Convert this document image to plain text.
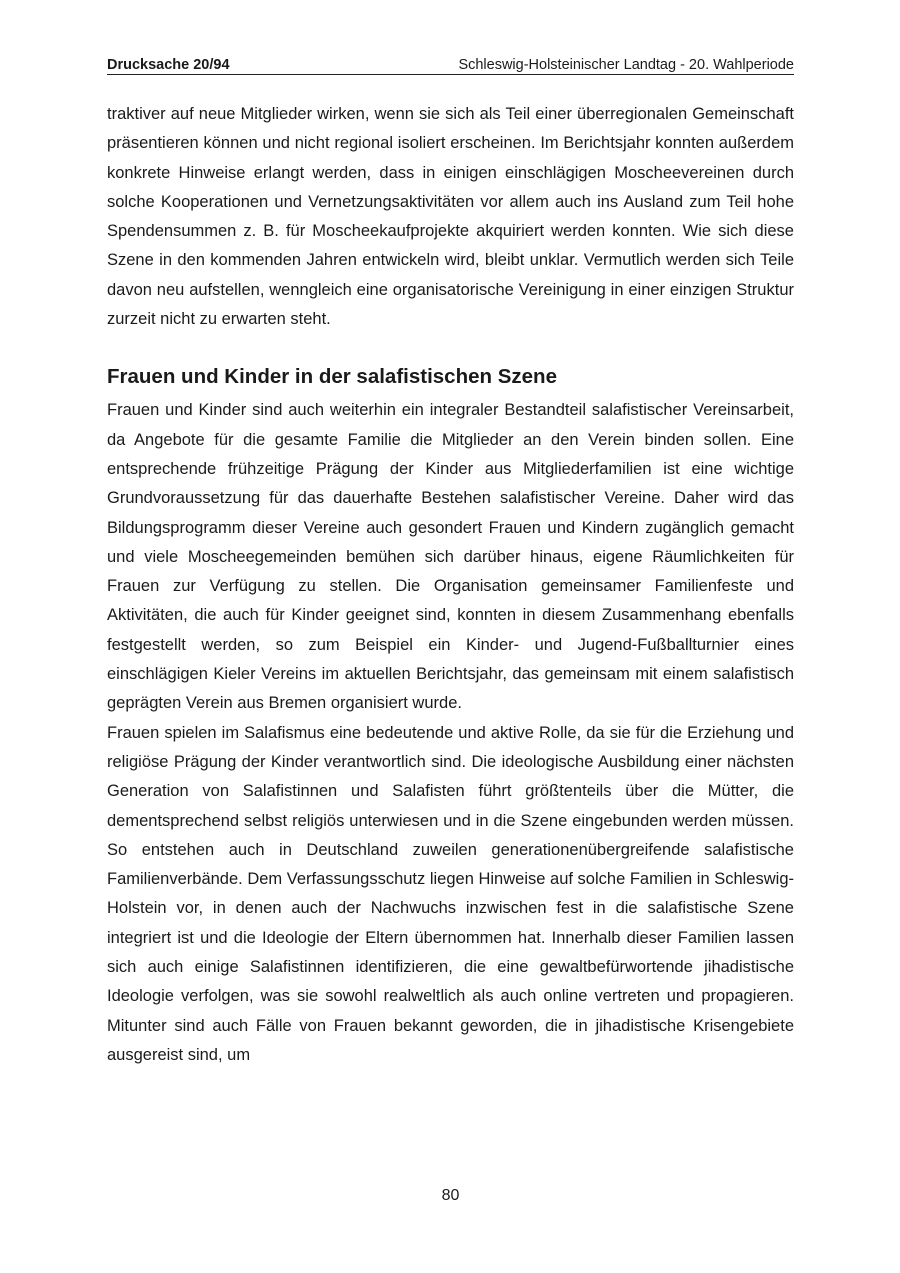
Drucksache 20/94	Schleswig-Holsteinischer Landtag - 20. Wahlperiode

traktiver auf neue Mitglieder wirken, wenn sie sich als Teil einer überregionalen Gemeinschaft präsentieren können und nicht regional isoliert erscheinen. Im Berichtsjahr konnten außerdem konkrete Hinweise erlangt werden, dass in einigen einschlägigen Moscheevereinen durch solche Kooperationen und Vernetzungsaktivitäten vor allem auch ins Ausland zum Teil hohe Spendensummen z. B. für Moscheekaufprojekte akquiriert werden konnten. Wie sich diese Szene in den kommenden Jahren entwickeln wird, bleibt unklar. Vermutlich werden sich Teile davon neu aufstellen, wenngleich eine organisatorische Vereinigung in einer einzigen Struktur zurzeit nicht zu erwarten steht.

Frauen und Kinder in der salafistischen Szene

Frauen und Kinder sind auch weiterhin ein integraler Bestandteil salafistischer Vereinsarbeit, da Angebote für die gesamte Familie die Mitglieder an den Verein binden sollen. Eine entsprechende frühzeitige Prägung der Kinder aus Mitgliederfamilien ist eine wichtige Grundvoraussetzung für das dauerhafte Bestehen salafistischer Vereine. Daher wird das Bildungsprogramm dieser Vereine auch gesondert Frauen und Kindern zugänglich gemacht und viele Moscheegemeinden bemühen sich darüber hinaus, eigene Räumlichkeiten für Frauen zur Verfügung zu stellen. Die Organisation gemeinsamer Familienfeste und Aktivitäten, die auch für Kinder geeignet sind, konnten in diesem Zusammenhang ebenfalls festgestellt werden, so zum Beispiel ein Kinder- und Jugend-Fußballturnier eines einschlägigen Kieler Vereins im aktuellen Berichtsjahr, das gemeinsam mit einem salafistisch geprägten Verein aus Bremen organisiert wurde.

Frauen spielen im Salafismus eine bedeutende und aktive Rolle, da sie für die Erziehung und religiöse Prägung der Kinder verantwortlich sind. Die ideologische Ausbildung einer nächsten Generation von Salafistinnen und Salafisten führt größtenteils über die Mütter, die dementsprechend selbst religiös unterwiesen und in die Szene eingebunden werden müssen. So entstehen auch in Deutschland zuweilen generationenübergreifende salafistische Familienverbände. Dem Verfassungsschutz liegen Hinweise auf solche Familien in Schleswig-Holstein vor, in denen auch der Nachwuchs inzwischen fest in die salafistische Szene integriert ist und die Ideologie der Eltern übernommen hat. Innerhalb dieser Familien lassen sich auch einige Salafistinnen identifizieren, die eine gewaltbefürwortende jihadistische Ideologie verfolgen, was sie sowohl realweltlich als auch online vertreten und propagieren. Mitunter sind auch Fälle von Frauen bekannt geworden, die in jihadistische Krisengebiete ausgereist sind, um

80
